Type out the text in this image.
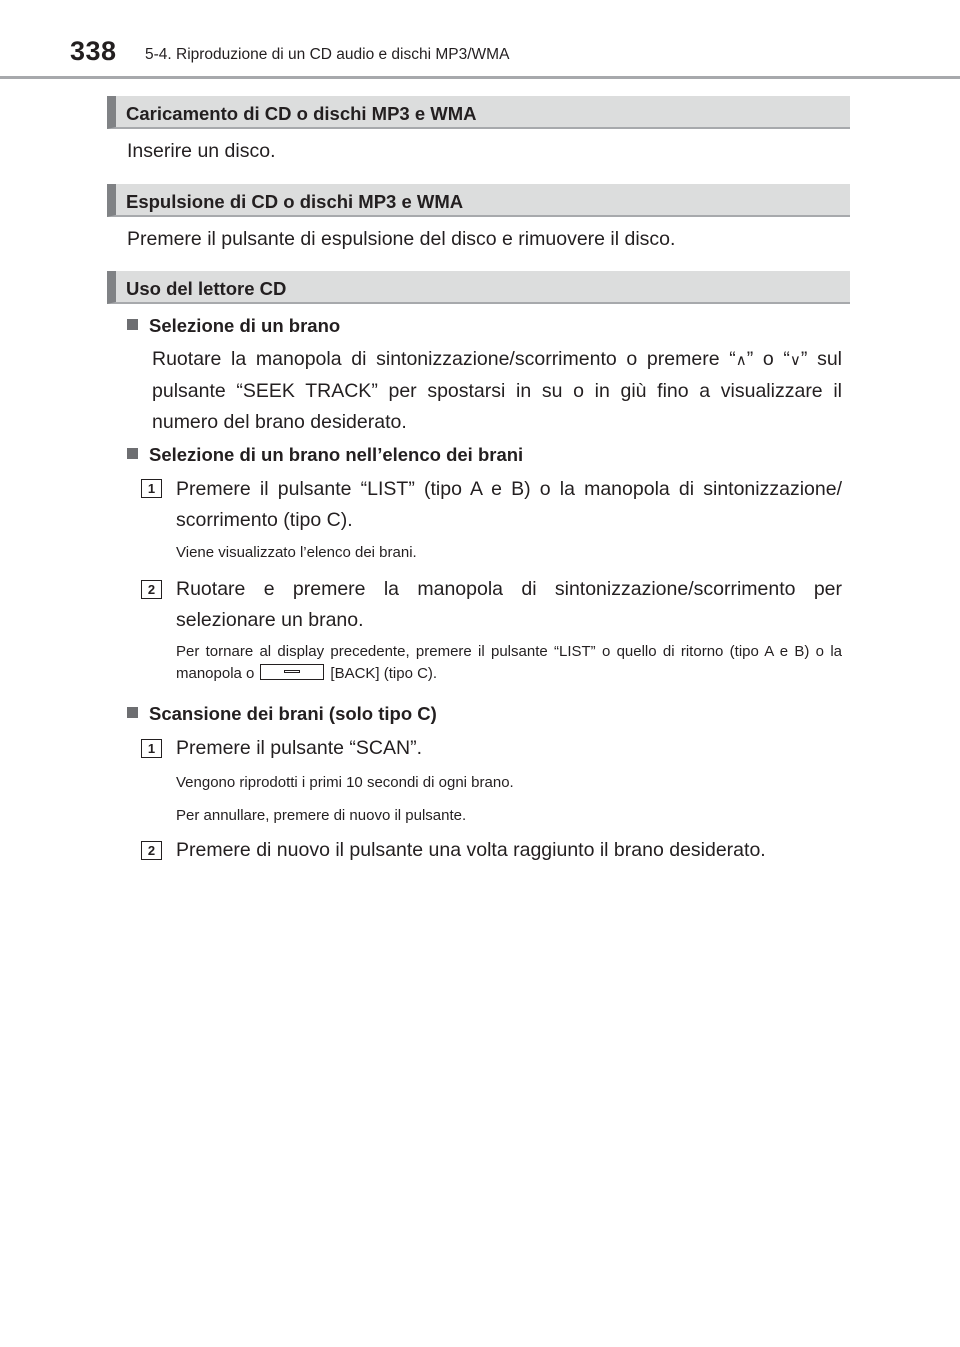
338 5-4. Riproduzione di un CD audio e dischi MP3/WMA
Caricamento di CD o dischi MP3 e WMA
Inserire un disco.
Espulsione di CD o dischi MP3 e WMA
Premere il pulsante di espulsione del disco e rimuovere il disco.
Uso del lettore CD
Selezione di un brano
Ruotare la manopola di sintonizzazione/scorrimento o premere “∧” o “∨” sul pulsante “SEEK TRACK” per spostarsi in su o in giù fino a visualizzare il numero del brano desiderato.
Selezione di un brano nell’elenco dei brani
1	Premere il pulsante “LIST” (tipo A e B) o la manopola di sintonizzazione/ scorrimento (tipo C).
Viene visualizzato l’elenco dei brani.
2	Ruotare e premere la manopola di sintonizzazione/scorrimento per selezionare un brano.
Per tornare al display precedente, premere il pulsante “LIST” o quello di ritorno (tipo A e B) o la manopola o	[BACK] (tipo C).
Scansione dei brani (solo tipo C)
1	Premere il pulsante “SCAN”.
Vengono riprodotti i primi 10 secondi di ogni brano.
Per annullare, premere di nuovo il pulsante.
2	Premere di nuovo il pulsante una volta raggiunto il brano desiderato.
